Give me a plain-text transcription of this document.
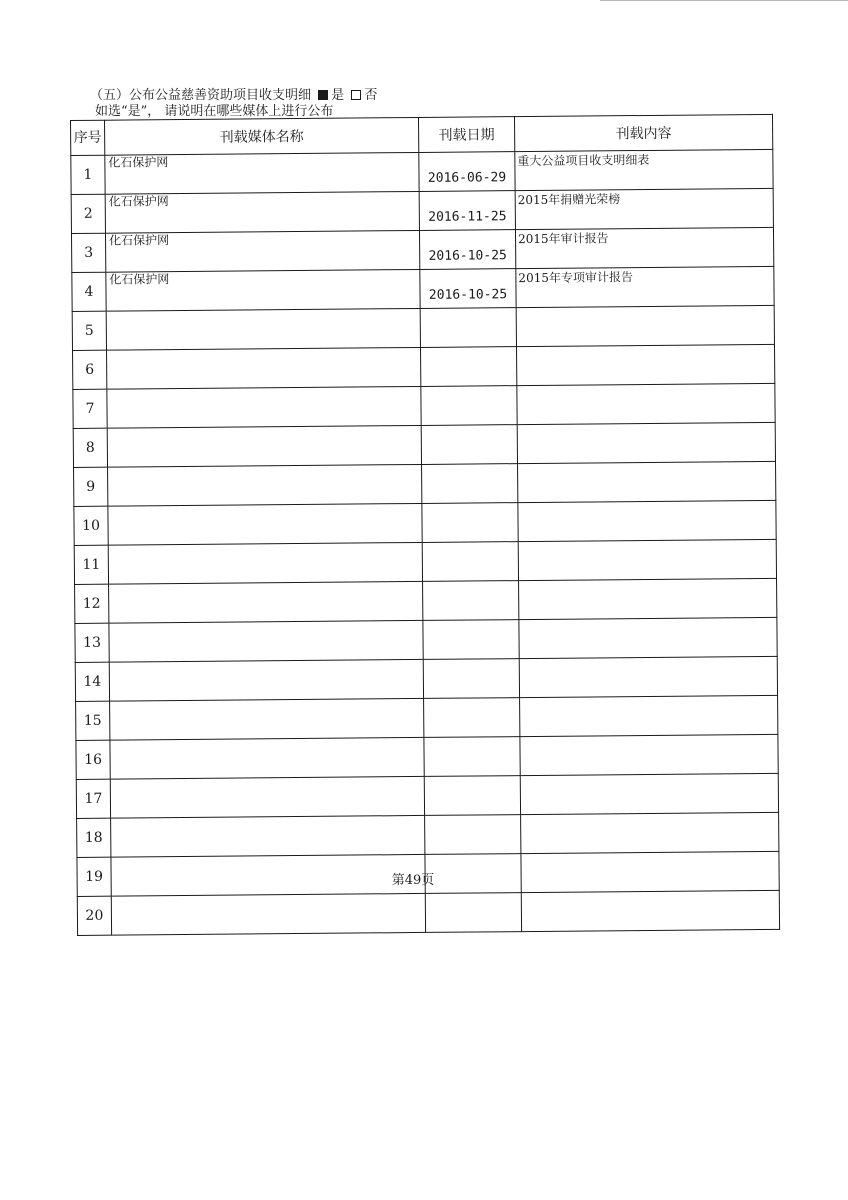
（五）公布公益慈善资助项目收支明细 是 否
如选“是”， 请说明在哪些媒体上进行公布
序号	刊载媒体名称	刊载日期	刊载内容
1	化石保护网	2016-06-29	重大公益项目收支明细表
2	化石保护网	2016-11-25	2015年捐赠光荣榜
3	化石保护网	2016-10-25	2015年审计报告
4	化石保护网	2016-10-25	2015年专项审计报告
5			
6			
7			
8			
9			
10			
11			
12			
13			
14			
15			
16			
17			
18			
19			
20			
第49页
